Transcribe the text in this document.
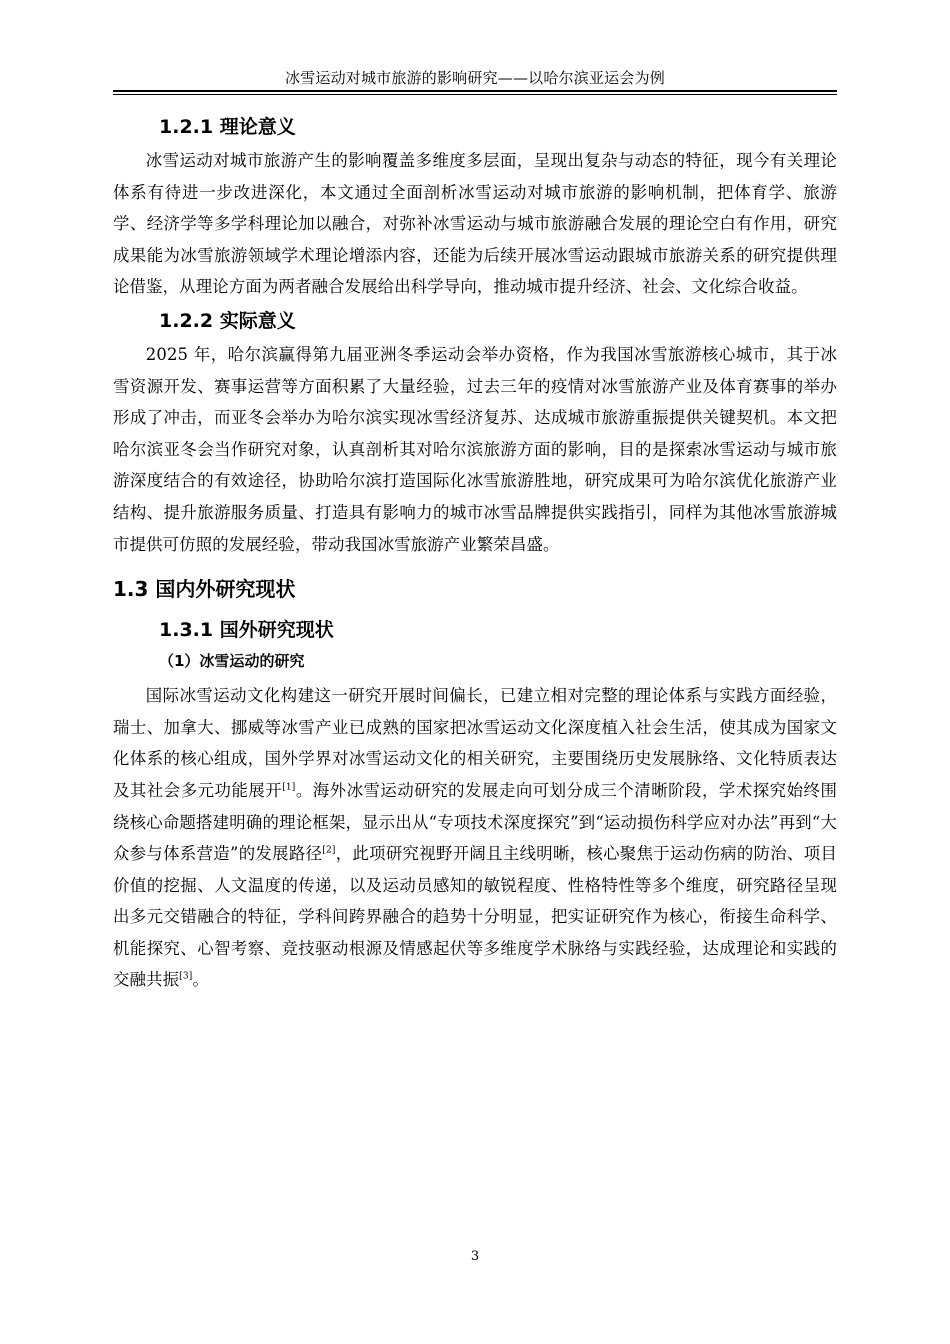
冰雪运动对城市旅游的影响研究——以哈尔滨亚运会为例
1.2.1 理论意义

冰雪运动对城市旅游产生的影响覆盖多维度多层面，呈现出复杂与动态的特征，现今有关理论体系有待进一步改进深化，本文通过全面剖析冰雪运动对城市旅游的影响机制，把体育学、旅游学、经济学等多学科理论加以融合，对弥补冰雪运动与城市旅游融合发展的理论空白有作用，研究成果能为冰雪旅游领域学术理论增添内容，还能为后续开展冰雪运动跟城市旅游关系的研究提供理论借鉴，从理论方面为两者融合发展给出科学导向，推动城市提升经济、社会、文化综合收益。

1.2.2 实际意义

2025 年，哈尔滨赢得第九届亚洲冬季运动会举办资格，作为我国冰雪旅游核心城市，其于冰雪资源开发、赛事运营等方面积累了大量经验，过去三年的疫情对冰雪旅游产业及体育赛事的举办形成了冲击，而亚冬会举办为哈尔滨实现冰雪经济复苏、达成城市旅游重振提供关键契机。本文把哈尔滨亚冬会当作研究对象，认真剖析其对哈尔滨旅游方面的影响，目的是探索冰雪运动与城市旅游深度结合的有效途径，协助哈尔滨打造国际化冰雪旅游胜地，研究成果可为哈尔滨优化旅游产业结构、提升旅游服务质量、打造具有影响力的城市冰雪品牌提供实践指引，同样为其他冰雪旅游城市提供可仿照的发展经验，带动我国冰雪旅游产业繁荣昌盛。

1.3 国内外研究现状
1.3.1 国外研究现状
（1）冰雪运动的研究

国际冰雪运动文化构建这一研究开展时间偏长，已建立相对完整的理论体系与实践方面经验，瑞士、加拿大、挪威等冰雪产业已成熟的国家把冰雪运动文化深度植入社会生活，使其成为国家文化体系的核心组成，国外学界对冰雪运动文化的相关研究，主要围绕历史发展脉络、文化特质表达及其社会多元功能展开[1]。海外冰雪运动研究的发展走向可划分成三个清晰阶段，学术探究始终围绕核心命题搭建明确的理论框架，显示出从“专项技术深度探究”到“运动损伤科学应对办法”再到“大众参与体系营造”的发展路径[2]，此项研究视野开阔且主线明晰，核心聚焦于运动伤病的防治、项目价值的挖掘、人文温度的传递，以及运动员感知的敏锐程度、性格特性等多个维度，研究路径呈现出多元交错融合的特征，学科间跨界融合的趋势十分明显，把实证研究作为核心，衔接生命科学、机能探究、心智考察、竞技驱动根源及情感起伏等多维度学术脉络与实践经验，达成理论和实践的交融共振[3]。

3
